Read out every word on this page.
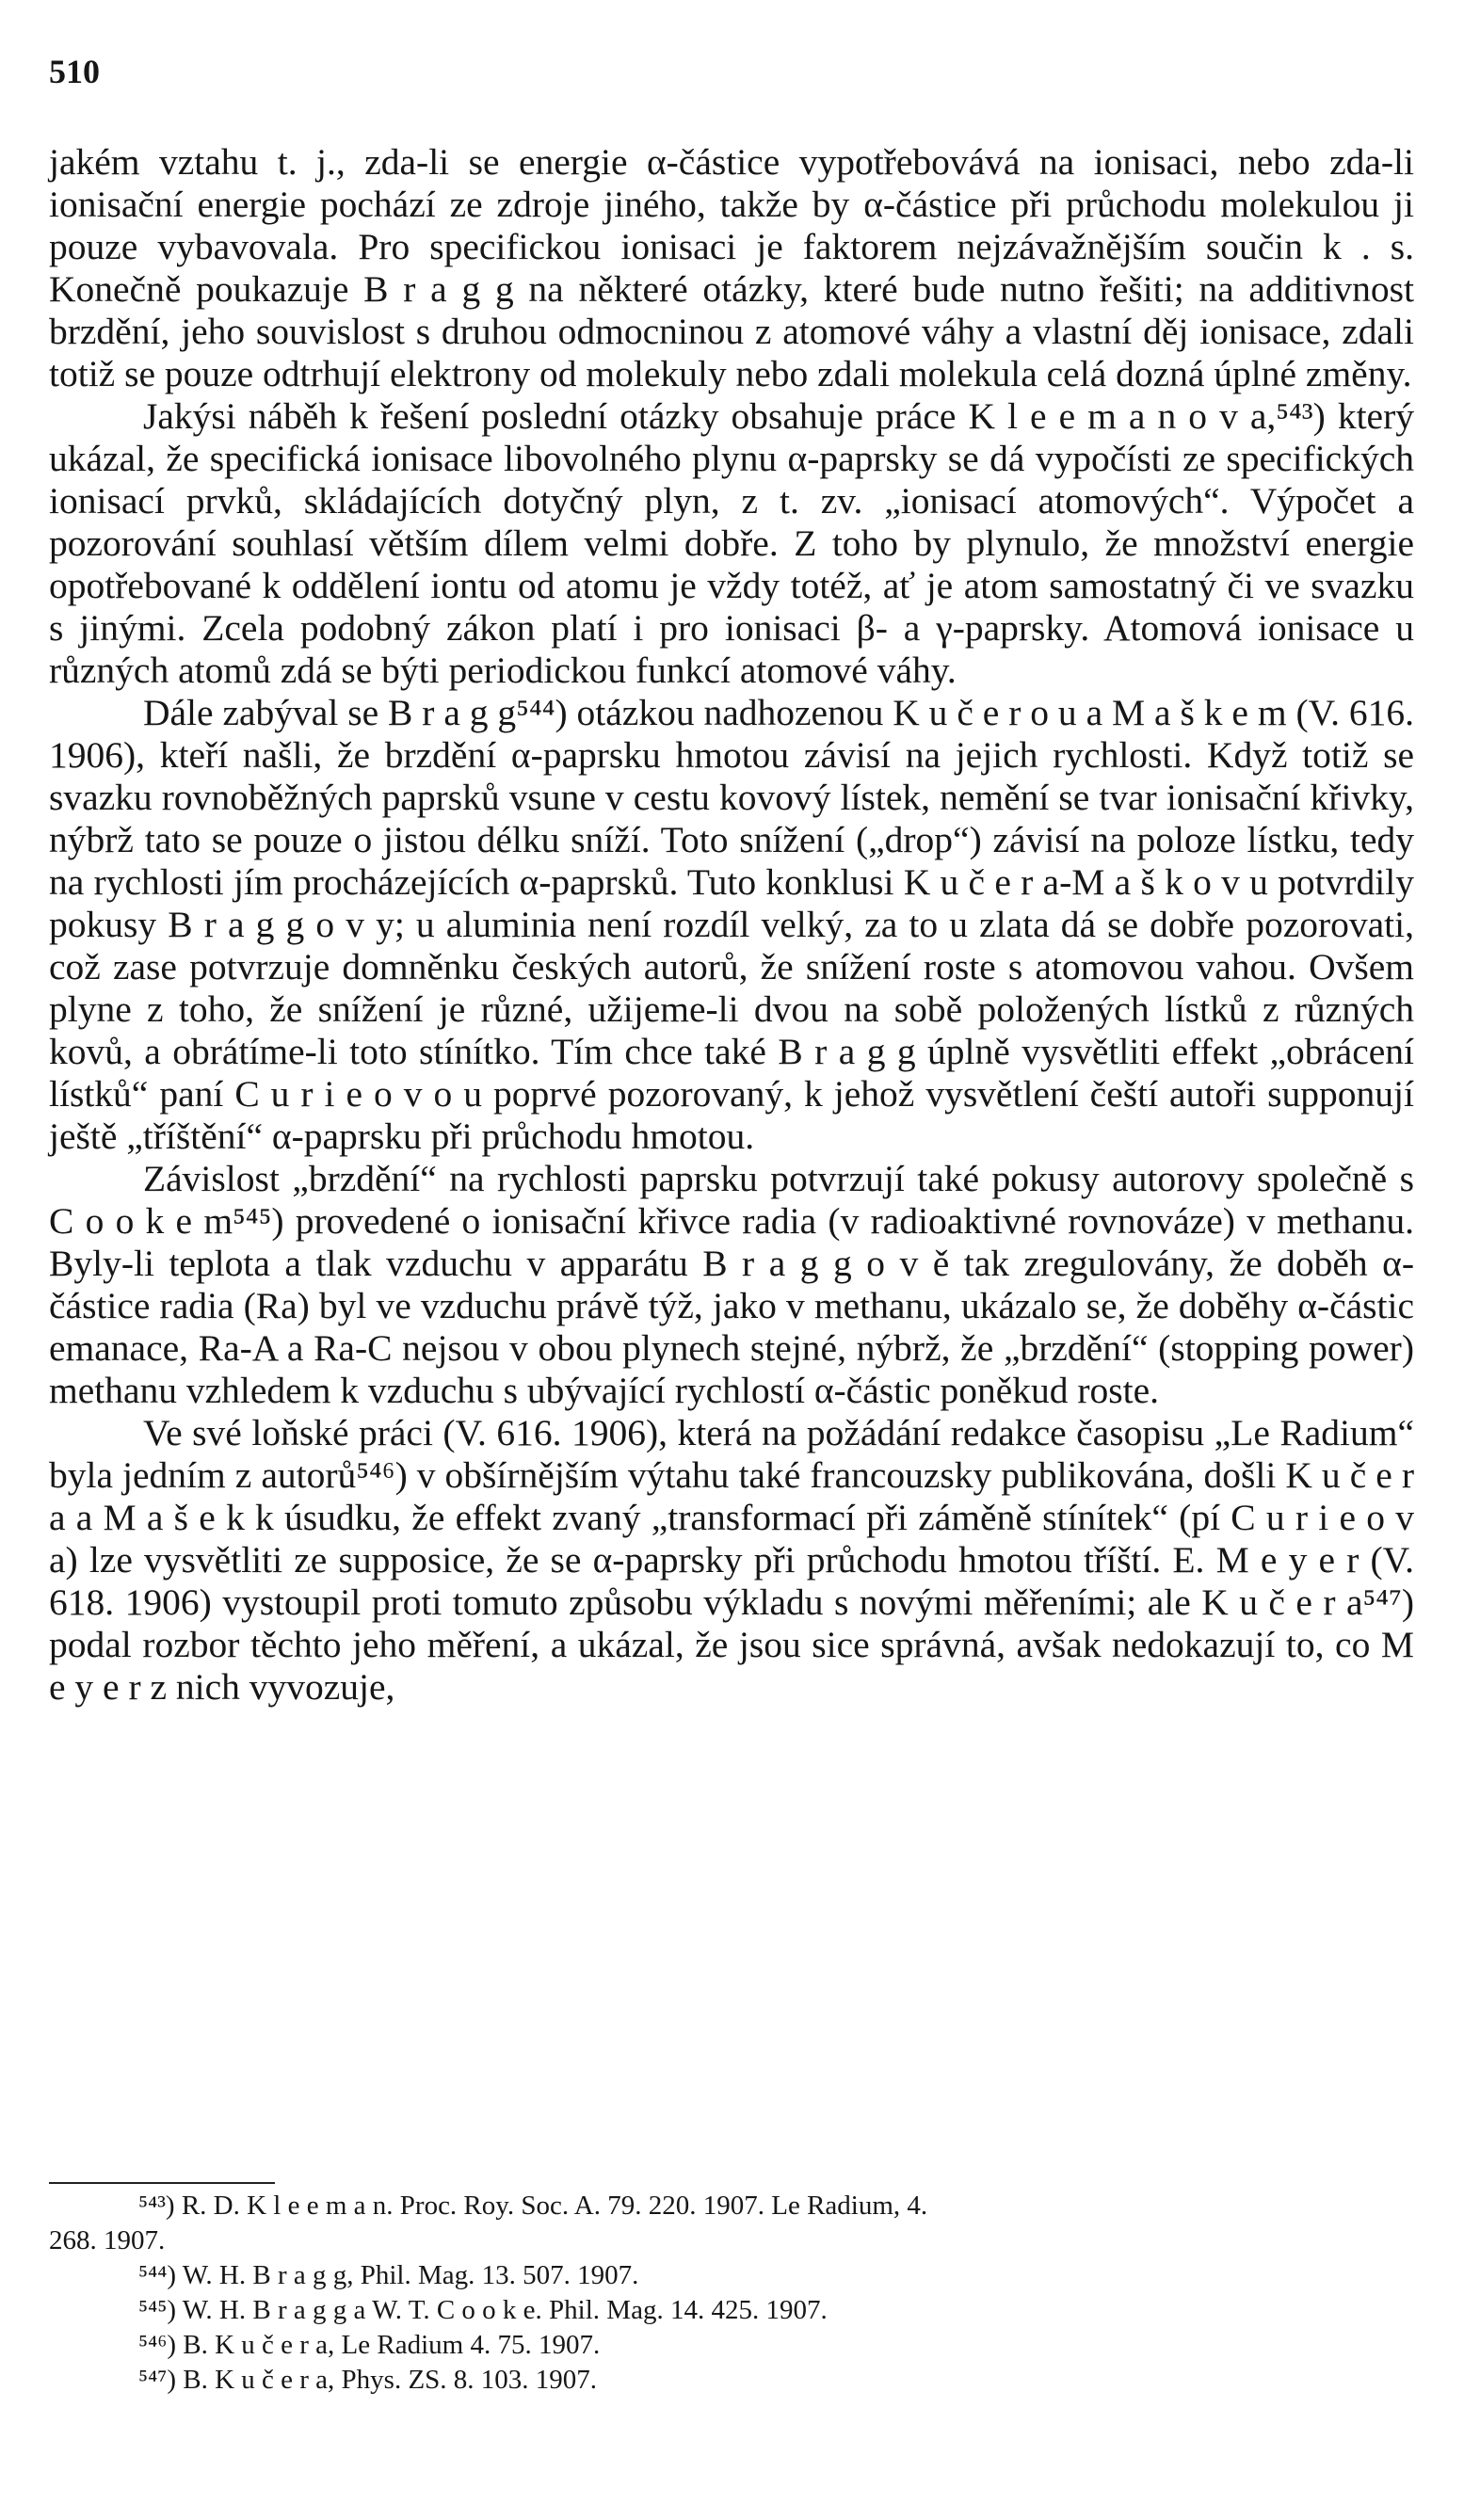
510

jakém vztahu t. j., zda-li se energie α-částice vypotřebovává na ionisaci, nebo zda-li ionisační energie pochází ze zdroje jiného, takže by α-částice při průchodu molekulou ji pouze vybavovala. Pro specifickou ionisaci je faktorem nejzávažnějším součin k . s. Konečně poukazuje B r a g g na některé otázky, které bude nutno řešiti; na additivnost brzdění, jeho souvislost s druhou odmocninou z atomové váhy a vlastní děj ionisace, zdali totiž se pouze odtrhují elektrony od molekuly nebo zdali molekula celá dozná úplné změny.

Jakýsi náběh k řešení poslední otázky obsahuje práce K l e e m a n o v a,⁵⁴³) který ukázal, že specifická ionisace libovolného plynu α-paprsky se dá vypočísti ze specifických ionisací prvků, skládajících dotyčný plyn, z t. zv. „ionisací atomových“. Výpočet a pozorování souhlasí větším dílem velmi dobře. Z toho by plynulo, že množství energie opotřebované k oddělení iontu od atomu je vždy totéž, ať je atom samostatný či ve svazku s jinými. Zcela podobný zákon platí i pro ionisaci β- a γ-paprsky. Atomová ionisace u různých atomů zdá se býti periodickou funkcí atomové váhy.

Dále zabýval se B r a g g⁵⁴⁴) otázkou nadhozenou K u č e r o u a M a š k e m (V. 616. 1906), kteří našli, že brzdění α-paprsku hmotou závisí na jejich rychlosti. Když totiž se svazku rovnoběžných paprsků vsune v cestu kovový lístek, nemění se tvar ionisační křivky, nýbrž tato se pouze o jistou délku sníží. Toto snížení („drop“) závisí na poloze lístku, tedy na rychlosti jím procházejících α-paprsků. Tuto konklusi K u č e r a-M a š k o v u potvrdily pokusy B r a g g o v y; u aluminia není rozdíl velký, za to u zlata dá se dobře pozorovati, což zase potvrzuje domněnku českých autorů, že snížení roste s atomovou vahou. Ovšem plyne z toho, že snížení je různé, užijeme-li dvou na sobě položených lístků z různých kovů, a obrátíme-li toto stínítko. Tím chce také B r a g g úplně vysvětliti effekt „obrácení lístků“ paní C u r i e o v o u poprvé pozorovaný, k jehož vysvětlení čeští autoři supponují ještě „tříštění“ α-paprsku při průchodu hmotou.

Závislost „brzdění“ na rychlosti paprsku potvrzují také pokusy autorovy společně s C o o k e m⁵⁴⁵) provedené o ionisační křivce radia (v radioaktivné rovnováze) v methanu. Byly-li teplota a tlak vzduchu v apparátu B r a g g o v ě tak zregulovány, že doběh α-částice radia (Ra) byl ve vzduchu právě týž, jako v methanu, ukázalo se, že doběhy α-částic emanace, Ra-A a Ra-C nejsou v obou plynech stejné, nýbrž, že „brzdění“ (stopping power) methanu vzhledem k vzduchu s ubývající rychlostí α-částic poněkud roste.

Ve své loňské práci (V. 616. 1906), která na požádání redakce časopisu „Le Radium“ byla jedním z autorů⁵⁴⁶) v obšírnějším výtahu také francouzsky publikována, došli K u č e r a a M a š e k k úsudku, že effekt zvaný „transformací při záměně stínítek“ (pí C u r i e o v a) lze vysvětliti ze supposice, že se α-paprsky při průchodu hmotou tříští. E. M e y e r (V. 618. 1906) vystoupil proti tomuto způsobu výkladu s novými měřeními; ale K u č e r a⁵⁴⁷) podal rozbor těchto jeho měření, a ukázal, že jsou sice správná, avšak nedokazují to, co M e y e r z nich vyvozuje,

⁵⁴³) R. D. K l e e m a n. Proc. Roy. Soc. A. 79. 220. 1907. Le Radium, 4.

268. 1907.

⁵⁴⁴) W. H. B r a g g, Phil. Mag. 13. 507. 1907.

⁵⁴⁵) W. H. B r a g g a W. T. C o o k e. Phil. Mag. 14. 425. 1907.

⁵⁴⁶) B. K u č e r a, Le Radium 4. 75. 1907.

⁵⁴⁷) B. K u č e r a, Phys. ZS. 8. 103. 1907.
